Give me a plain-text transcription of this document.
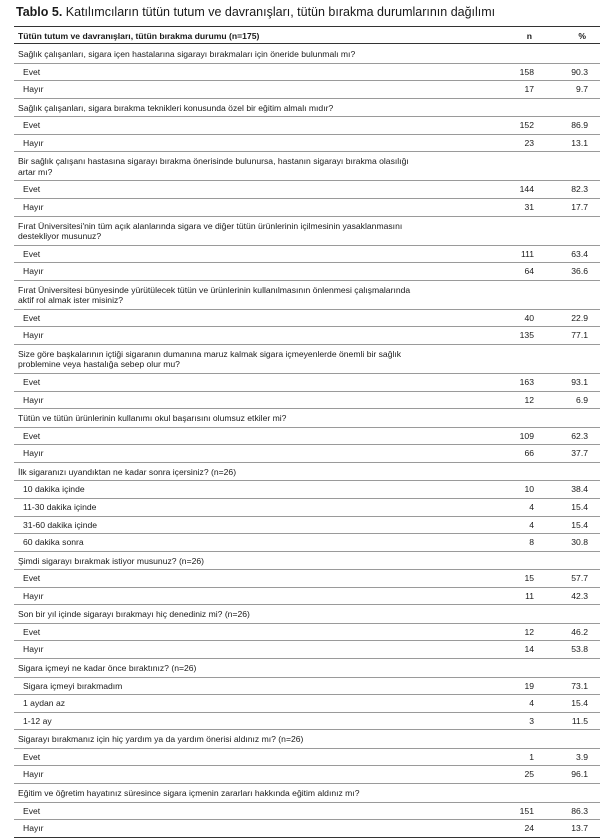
Tablo 5. Katılımcıların tütün tutum ve davranışları, tütün bırakma durumlarının dağılımı
Tütün tutum ve davranışları, tütün bırakma durumu (n=175)	n	%
Sağlık çalışanları, sigara içen hastalarına sigarayı bırakmaları için öneride bulunmalı mı?
Evet	158	90.3
Hayır	17	9.7
Sağlık çalışanları, sigara bırakma teknikleri konusunda özel bir eğitim almalı mıdır?
Evet	152	86.9
Hayır	23	13.1
Bir sağlık çalışanı hastasına sigarayı bırakma önerisinde bulunursa, hastanın sigarayı bırakma olasılığı artar mı?
Evet	144	82.3
Hayır	31	17.7
Fırat Üniversitesi'nin tüm açık alanlarında sigara ve diğer tütün ürünlerinin içilmesinin yasaklanmasını destekliyor musunuz?
Evet	111	63.4
Hayır	64	36.6
Fırat Üniversitesi bünyesinde yürütülecek tütün ve ürünlerinin kullanılmasının önlenmesi çalışmalarında aktif rol almak ister misiniz?
Evet	40	22.9
Hayır	135	77.1
Size göre başkalarının içtiği sigaranın dumanına maruz kalmak sigara içmeyenlerde önemli bir sağlık problemine veya hastalığa sebep olur mu?
Evet	163	93.1
Hayır	12	6.9
Tütün ve tütün ürünlerinin kullanımı okul başarısını olumsuz etkiler mi?
Evet	109	62.3
Hayır	66	37.7
İlk sigaranızı uyandıktan ne kadar sonra içersiniz? (n=26)
10 dakika içinde	10	38.4
11-30 dakika içinde	4	15.4
31-60 dakika içinde	4	15.4
60 dakika sonra	8	30.8
Şimdi sigarayı bırakmak istiyor musunuz? (n=26)
Evet	15	57.7
Hayır	11	42.3
Son bir yıl içinde sigarayı bırakmayı hiç denediniz mi? (n=26)
Evet	12	46.2
Hayır	14	53.8
Sigara içmeyi ne kadar önce bıraktınız? (n=26)
Sigara içmeyi bırakmadım	19	73.1
1 aydan az	4	15.4
1-12 ay	3	11.5
Sigarayı bırakmanız için hiç yardım ya da yardım önerisi aldınız mı? (n=26)
Evet	1	3.9
Hayır	25	96.1
Eğitim ve öğretim hayatınız süresince sigara içmenin zararları hakkında eğitim aldınız mı?
Evet	151	86.3
Hayır	24	13.7
